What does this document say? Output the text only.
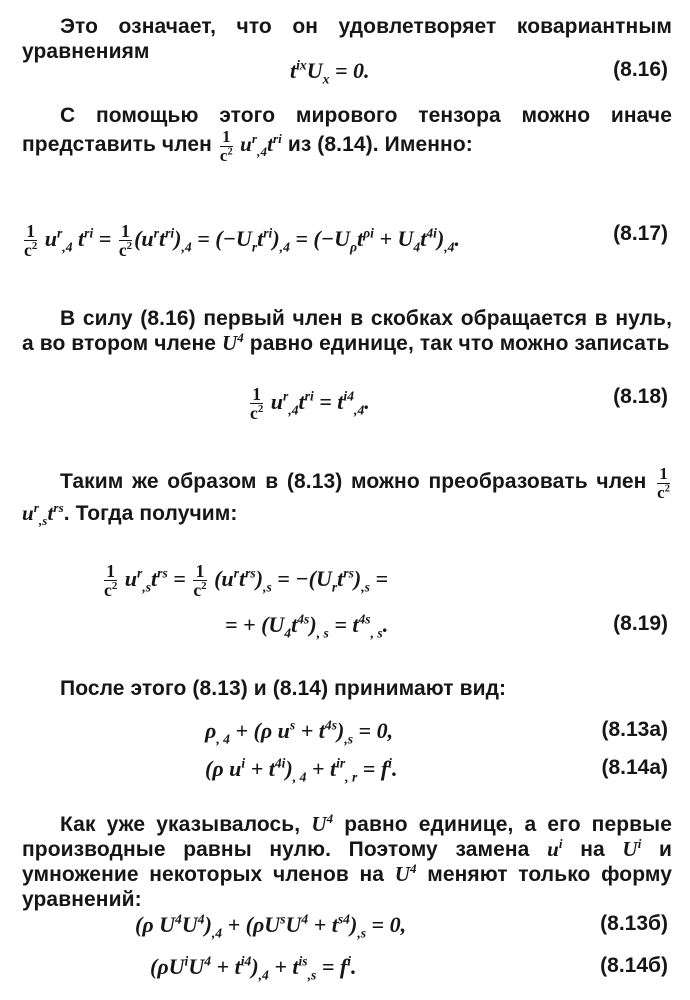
Это означает, что он удовлетворяет ковариантным уравнениям
$t^{ix}U_x = 0$.	(8.16)
С помощью этого мирового тензора можно иначе представить член $\frac{1}{c^2} u^r_{,4}t^{ri}$ из (8.14). Именно:
$\frac{1}{c^2} u^r_{,4}$ $t^{ri} = \frac{1}{c^2} (u^rt^{ri})_{,4} = (-U_rt^{ri})_{,4} = (-U_\rho t^{\rho i} + U_4t^{4i})_{,4}$.	(8.17)
В силу (8.16) первый член в скобках обращается в нуль, а во втором члене $U^4$ равно единице, так что можно записать
$\frac{1}{c^2} u^r_{,4}t^{ri} = t^{i4}_{,4}$.	(8.18)
Таким же образом в (8.13) можно преобразовать член $\frac{1}{c^2}$
$u^r_{,s}t^{rs}$. Тогда получим:
$\frac{1}{c^2} u^r_{,s}t^{rs} = \frac{1}{c^2} (u^rt^{rs})_{,s} = -(U_rt^{rs})_{,s}$ =
= + $(U_4t^{4s})_{, s} = t^{4s}_{, s}$.	(8.19)
После этого (8.13) и (8.14) принимают вид:
$\rho_{, 4} + (\rho$ $u^s + t^{4s})_{,s} = 0$,	(8.13а)
(ρ $u^i + t^{4i})_{, 4} + t^{ir}_{, r} = f^i$.	(8.14а)
Как уже указывалось, $U^4$ равно единице, а его первые производные равны нулю. Поэтому замена $u^i$ на $U^i$ и умножение некоторых членов на $U^4$ меняют только форму уравнений:
(ρ $U^4U^4)_{,4} + (\rho U^sU^4 + t^{s4})_{,s} = 0$,	(8.13б)
$(\rho U^iU^4 + t^{i4})_{,4} + t^{is}_{,s} = f^i$.	(8.14б)
